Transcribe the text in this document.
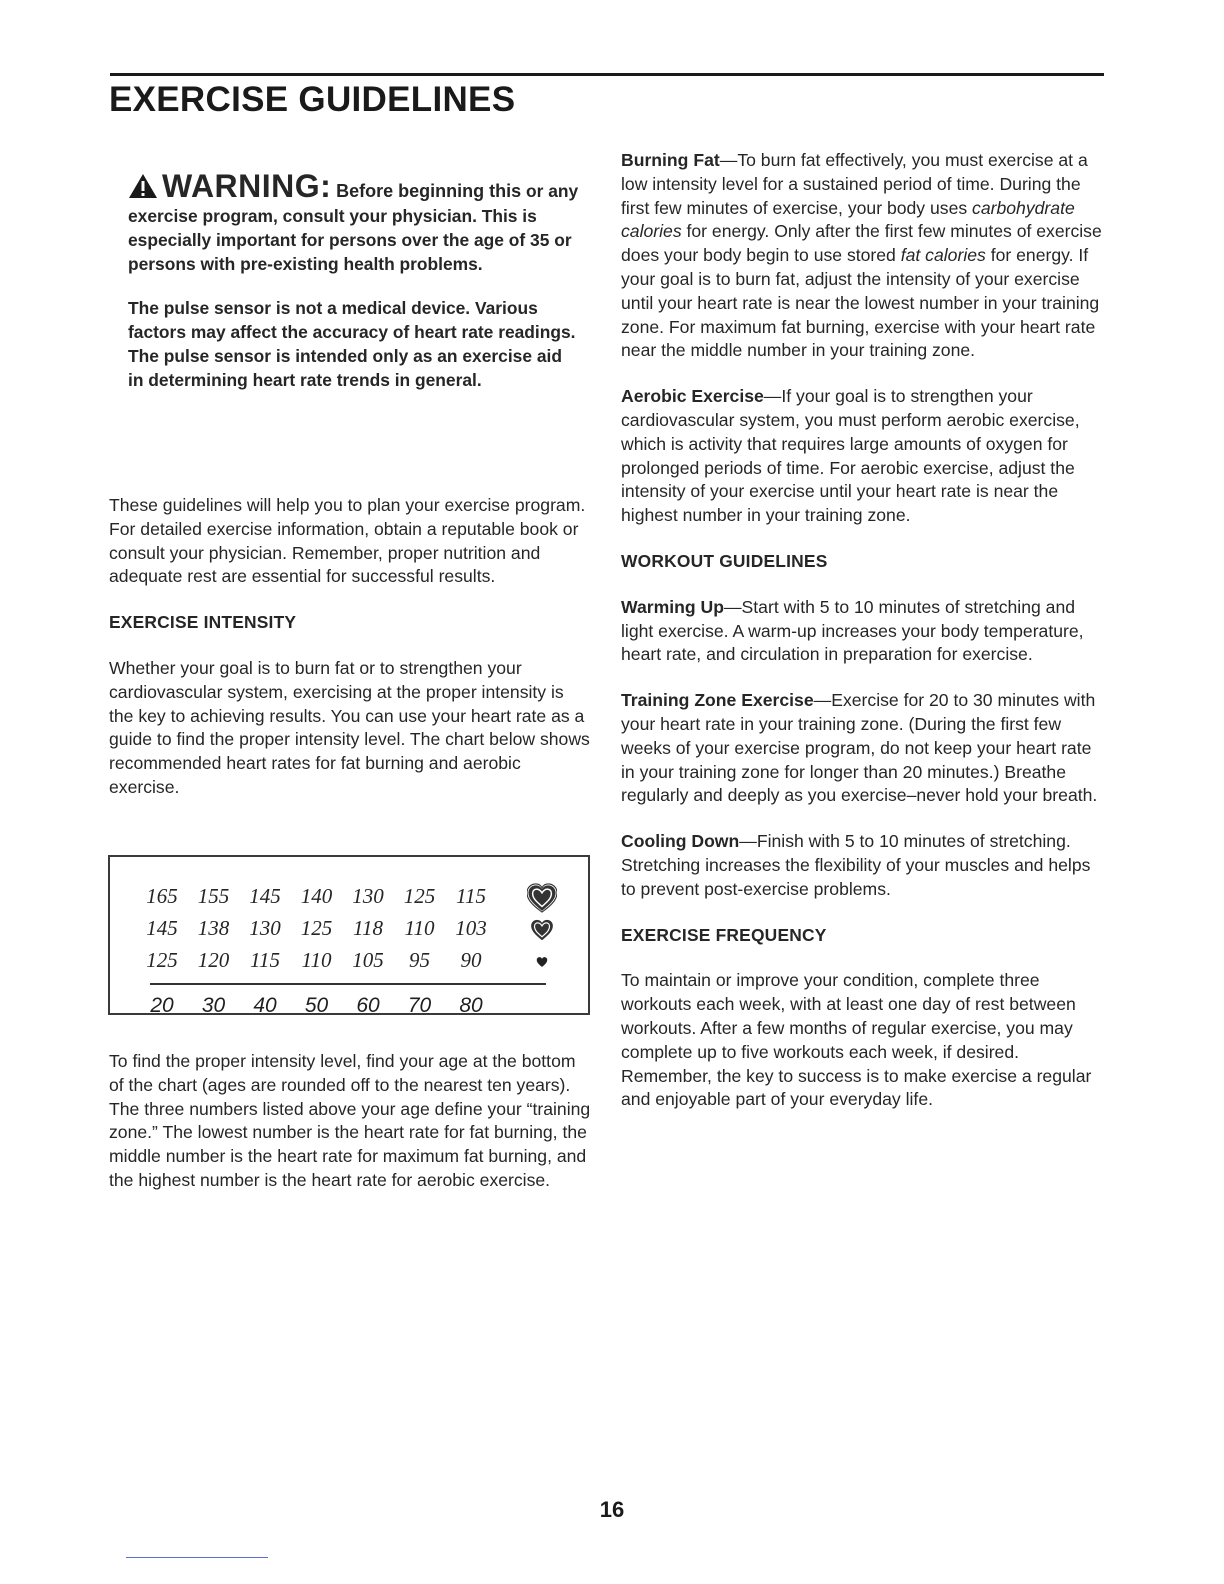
EXERCISE GUIDELINES
WARNING: Before beginning this or any exercise program, consult your physician. This is especially important for persons over the age of 35 or persons with pre-existing health problems.

The pulse sensor is not a medical device. Various factors may affect the accuracy of heart rate readings. The pulse sensor is intended only as an exercise aid in determining heart rate trends in general.

These guidelines will help you to plan your exercise program. For detailed exercise information, obtain a reputable book or consult your physician. Remember, proper nutrition and adequate rest are essential for successful results.

EXERCISE INTENSITY

Whether your goal is to burn fat or to strengthen your cardiovascular system, exercising at the proper intensity is the key to achieving results. You can use your heart rate as a guide to find the proper intensity level. The chart below shows recommended heart rates for fat burning and aerobic exercise.

165 155 145 140 130 125 115
145 138 130 125 118	110 103
125 120 115	110 105	95	90
20	30	40	50	60	70	80

To find the proper intensity level, find your age at the bottom of the chart (ages are rounded off to the nearest ten years). The three numbers listed above your age define your “training zone.” The lowest number is the heart rate for fat burning, the middle number is the heart rate for maximum fat burning, and the highest number is the heart rate for aerobic exercise.

Burning Fat—To burn fat effectively, you must exercise at a low intensity level for a sustained period of time. During the first few minutes of exercise, your body uses carbohydrate calories for energy. Only after the first few minutes of exercise does your body begin to use stored fat calories for energy. If your goal is to burn fat, adjust the intensity of your exercise until your heart rate is near the lowest number in your training zone. For maximum fat burning, exercise with your heart rate near the middle number in your training zone.

Aerobic Exercise—If your goal is to strengthen your cardiovascular system, you must perform aerobic exercise, which is activity that requires large amounts of oxygen for prolonged periods of time. For aerobic exercise, adjust the intensity of your exercise until your heart rate is near the highest number in your training zone.

WORKOUT GUIDELINES

Warming Up—Start with 5 to 10 minutes of stretching and light exercise. A warm-up increases your body temperature, heart rate, and circulation in preparation for exercise.

Training Zone Exercise—Exercise for 20 to 30 minutes with your heart rate in your training zone. (During the first few weeks of your exercise program, do not keep your heart rate in your training zone for longer than 20 minutes.) Breathe regularly and deeply as you exercise–never hold your breath.

Cooling Down—Finish with 5 to 10 minutes of stretching. Stretching increases the flexibility of your muscles and helps to prevent post-exercise problems.

EXERCISE FREQUENCY

To maintain or improve your condition, complete three workouts each week, with at least one day of rest between workouts. After a few months of regular exercise, you may complete up to five workouts each week, if desired. Remember, the key to success is to make exercise a regular and enjoyable part of your everyday life.

16
